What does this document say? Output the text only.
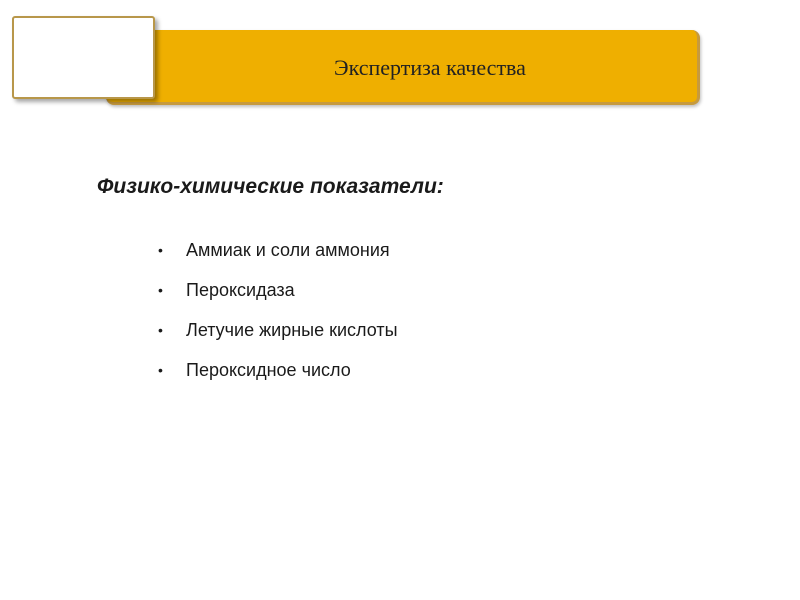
Экспертиза качества
Физико-химические показатели:
•	Аммиак и соли аммония
•	Пероксидаза
•	Летучие жирные кислоты
•	Пероксидное число
